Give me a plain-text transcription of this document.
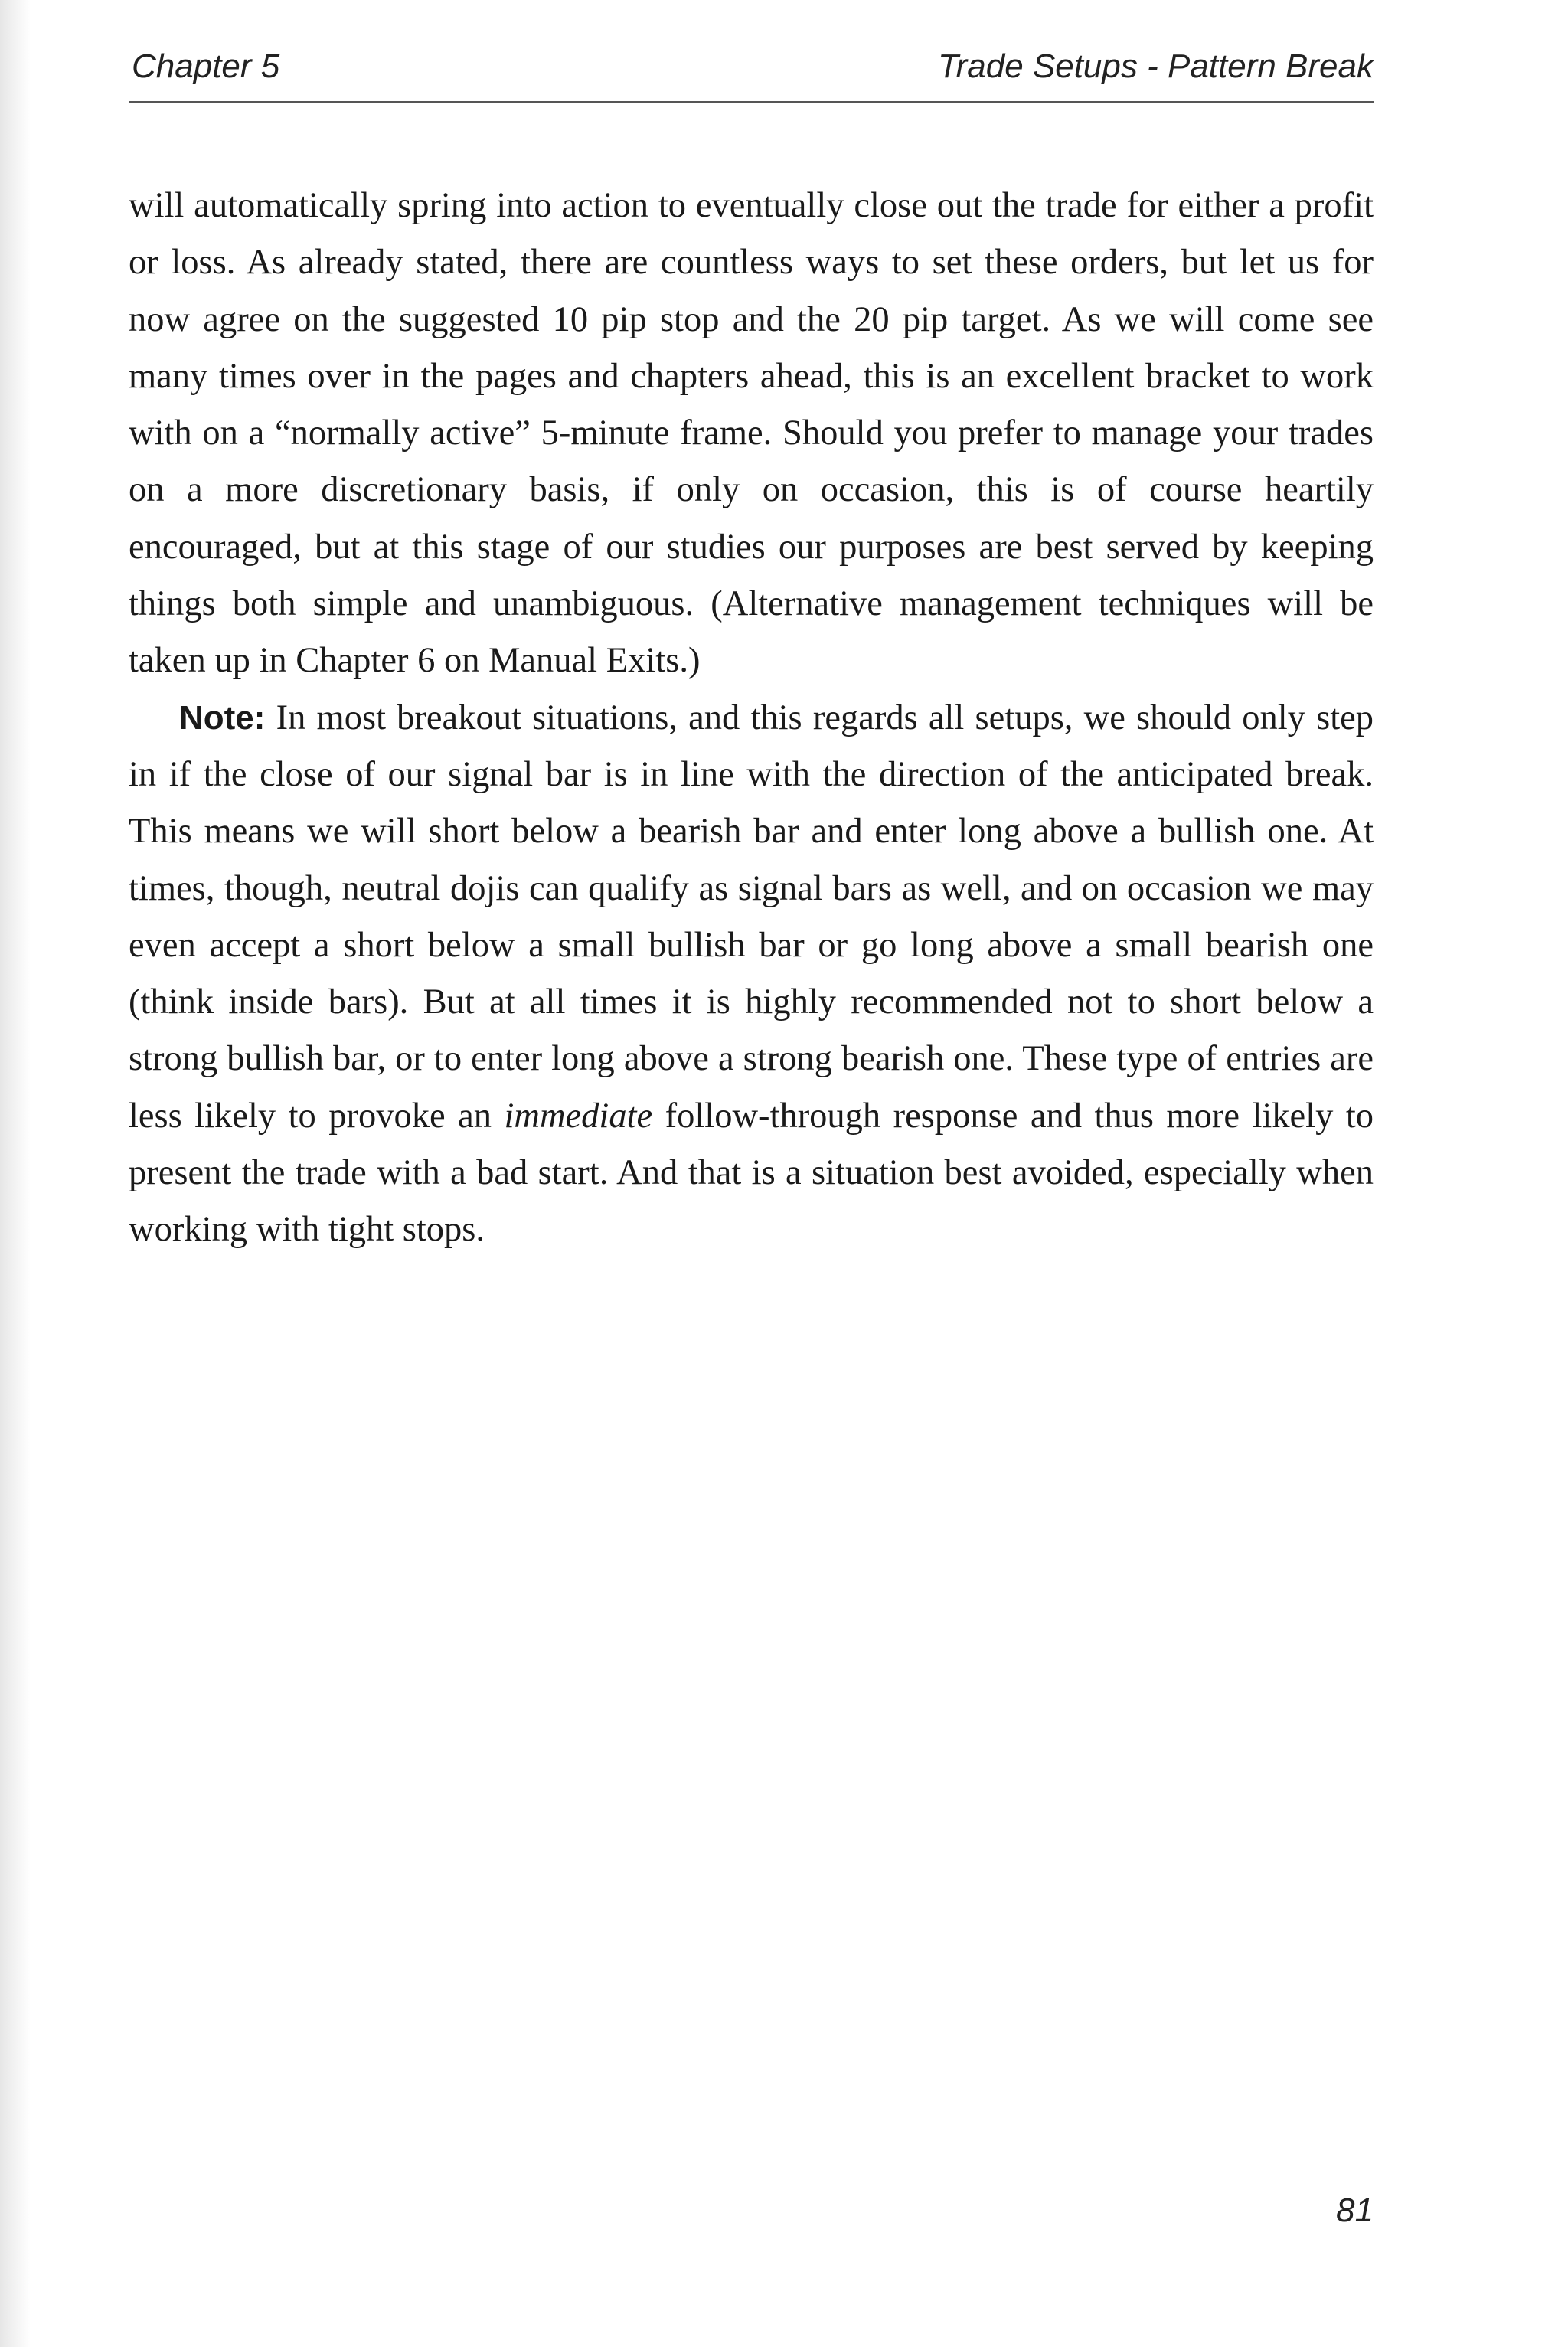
Chapter 5	Trade Setups - Pattern Break

will automatically spring into action to eventually close out the trade for either a profit or loss. As already stated, there are countless ways to set these orders, but let us for now agree on the suggested 10 pip stop and the 20 pip target. As we will come see many times over in the pages and chapters ahead, this is an excellent bracket to work with on a “normally active” 5-minute frame. Should you prefer to manage your trades on a more discretionary basis, if only on occasion, this is of course heartily encouraged, but at this stage of our studies our purposes are best served by keeping things both simple and unambiguous. (Alternative management techniques will be taken up in Chapter 6 on Manual Exits.)

Note: In most breakout situations, and this regards all setups, we should only step in if the close of our signal bar is in line with the direction of the anticipated break. This means we will short below a bearish bar and enter long above a bullish one. At times, though, neutral dojis can qualify as signal bars as well, and on occasion we may even accept a short below a small bullish bar or go long above a small bearish one (think inside bars). But at all times it is highly recommended not to short below a strong bullish bar, or to enter long above a strong bearish one. These type of entries are less likely to provoke an immediate follow-through response and thus more likely to present the trade with a bad start. And that is a situation best avoided, especially when working with tight stops.

81
